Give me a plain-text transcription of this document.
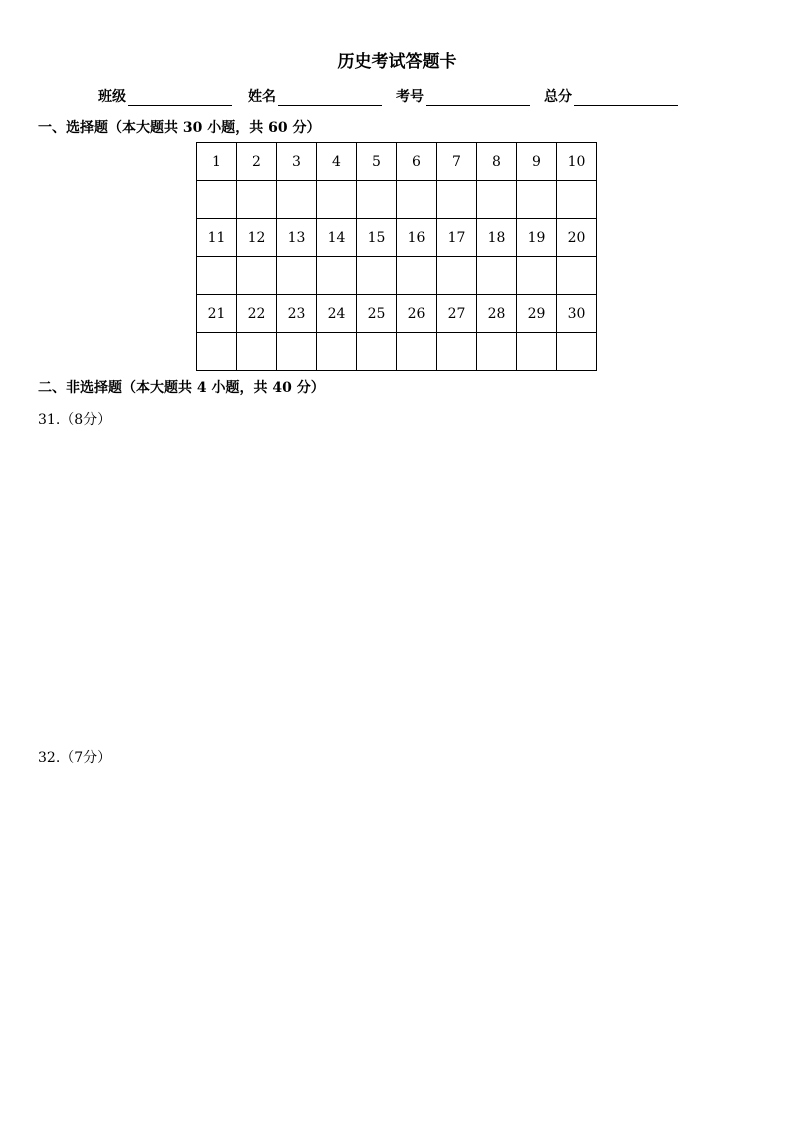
历史考试答题卡
班级	姓名	考号	总分
一、选择题（本大题共 30 小题，共 60 分）
1	2	3	4	5	6	7	8	9	10

11	12	13	14	15	16	17	18	19	20

21	22	23	24	25	26	27	28	29	30

二、非选择题（本大题共 4 小题，共 40 分）
31.（8分）
32.（7分）
